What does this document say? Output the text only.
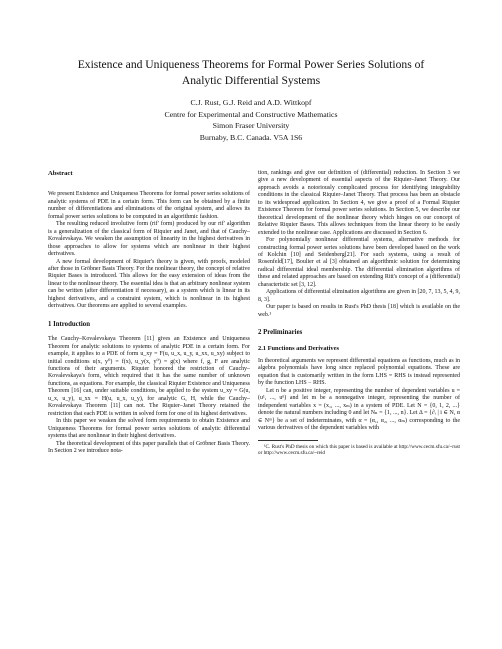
Existence and Uniqueness Theorems for Formal Power Series Solutions of
Analytic Differential Systems
C.J. Rust, G.J. Reid and A.D. Wittkopf
Centre for Experimental and Constructive Mathematics
Simon Fraser University
Burnaby, B.C. Canada. V5A 1S6
Abstract

We present Existence and Uniqueness Theorems for formal power series solutions of analytic systems of PDE in a certain form. This form can be obtained by a finite number of differentiations and eliminations of the original system, and allows its formal power series solutions to be computed in an algorithmic fashion.

The resulting reduced involutive form (rif′ form) produced by our rif′ algorithm is a generalization of the classical form of Riquier and Janet, and that of Cauchy–Kovalevskaya. We weaken the assumption of linearity in the highest derivatives in those approaches to allow for systems which are nonlinear in their highest derivatives.

A new formal development of Riquier's theory is given, with proofs, modeled after those in Gröbner Basis Theory. For the nonlinear theory, the concept of relative Riquier Bases is introduced. This allows for the easy extension of ideas from the linear to the nonlinear theory. The essential idea is that an arbitrary nonlinear system can be written (after differentiation if necessary), as a system which is linear in its highest derivatives, and a constraint system, which is nonlinear in its highest derivatives. Our theorems are applied to several examples.

1 Introduction

The Cauchy–Kovalevskaya Theorem [11] gives an Existence and Uniqueness Theorem for analytic solutions to systems of analytic PDE in a certain form. For example, it applies to a PDE of form u_xy = F(u, u_x, u_y, u_xx, u_xy) subject to initial conditions u(x, y⁰) = f(x), u_y(x, y⁰) = g(x) where f, g, F are analytic functions of their arguments. Riquier honored the restriction of Cauchy–Kovalevskaya's form, which required that it has the same number of unknown functions, as equations. For example, the classical Riquier Existence and Uniqueness Theorem [16] can, under suitable conditions, be applied to the system u_xy = G(u, u_x, u_y), u_xx = H(u, u_x, u_y), for analytic G, H, while the Cauchy–Kovalevskaya Theorem [11] can not. The Riquier–Janet Theory retained the restriction that each PDE is written in solved form for one of its highest derivatives.

In this paper we weaken the solved form requirements to obtain Existence and Uniqueness Theorems for formal power series solutions of analytic differential systems that are nonlinear in their highest derivatives.

The theoretical development of this paper parallels that of Gröbner Basis Theory. In Section 2 we introduce nota-

tion, rankings and give our definition of (differential) reduction. In Section 3 we give a new development of essential aspects of the Riquier–Janet Theory. Our approach avoids a notoriously complicated process for identifying integrability conditions in the classical Riquier–Janet Theory. That process has been an obstacle to its widespread application. In Section 4, we give a proof of a Formal Riquier Existence Theorem for formal power series solutions. In Section 5, we describe our theoretical development of the nonlinear theory which hinges on our concept of Relative Riquier Bases. This allows techniques from the linear theory to be easily extended to the nonlinear case. Applications are discussed in Section 6.

For polynomially nonlinear differential systems, alternative methods for constructing formal power series solutions have been developed based on the work of Kolchin [10] and Seidenberg[21]. For such systems, using a result of Rosenfeld[17], Boulier et al [3] obtained an algorithmic solution for determining radical differential ideal membership. The differential elimination algorithms of these and related approaches are based on extending Ritt's concept of a (differential) characteristic set [3, 12].

Applications of differential elimination algorithms are given in [20, 7, 13, 5, 4, 9, 8, 3].

Our paper is based on results in Rust's PhD thesis [18] which is available on the web.¹

2 Preliminaries
2.1 Functions and Derivatives

In theoretical arguments we represent differential equations as functions, much as in algebra polynomials have long since replaced polynomial equations. These are equation that is customarily written in the form LHS = RHS is instead represented by the function LHS − RHS.

Let n be a positive integer, representing the number of dependent variables u = (u¹, ..., uⁿ) and let m be a nonnegative integer, representing the number of independent variables x = (x₁, ..., xₘ) in a system of PDE. Let N = {0, 1, 2, ...} denote the natural numbers including 0 and let Nₙ = {1, ..., n}. Let Δ = {∂ᵢ | i ∈ N, α ∈ Nᵐ} be a set of indeterminates, with α = (α₁, α₂, ..., αₘ) corresponding to the various derivatives of the dependent variables with

¹C. Rust's PhD thesis on which this paper is based is available at http://www.cecm.sfu.ca/~rust or http://www.cecm.sfu.ca/~reid
